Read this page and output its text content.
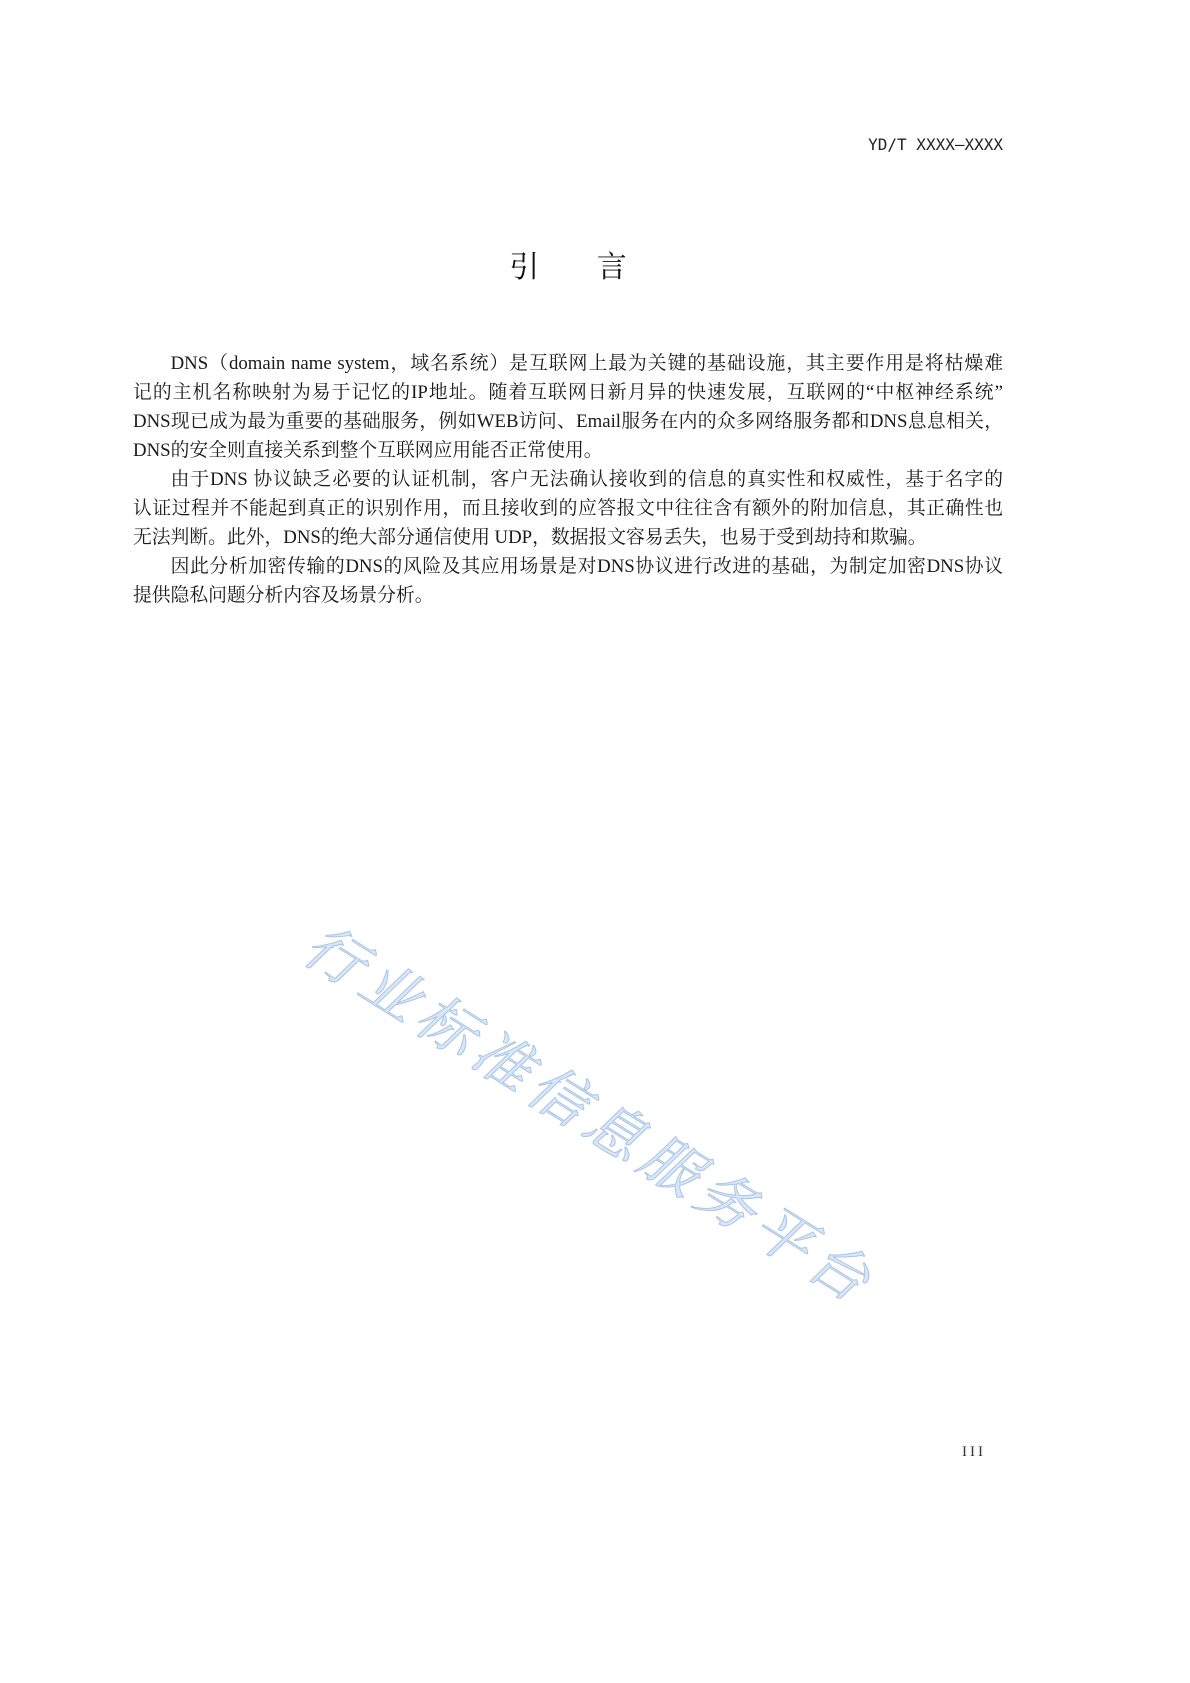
YD/T XXXX—XXXX
引 言
DNS（domain name system，域名系统）是互联网上最为关键的基础设施，其主要作用是将枯燥难
记的主机名称映射为易于记忆的IP地址。随着互联网日新月异的快速发展，互联网的“中枢神经系统”
DNS现已成为最为重要的基础服务，例如WEB访问、Email服务在内的众多网络服务都和DNS息息相关，
DNS的安全则直接关系到整个互联网应用能否正常使用。
由于DNS 协议缺乏必要的认证机制，客户无法确认接收到的信息的真实性和权威性，基于名字的
认证过程并不能起到真正的识别作用，而且接收到的应答报文中往往含有额外的附加信息，其正确性也
无法判断。此外，DNS的绝大部分通信使用 UDP，数据报文容易丢失，也易于受到劫持和欺骗。
因此分析加密传输的DNS的风险及其应用场景是对DNS协议进行改进的基础，为制定加密DNS协议
提供隐私问题分析内容及场景分析。
行业标准信息服务平台
III
